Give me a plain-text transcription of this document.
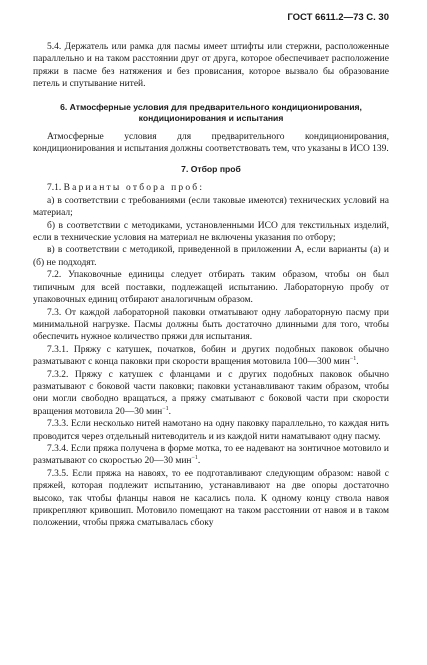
ГОСТ 6611.2—73 С. 30

5.4. Держатель или рамка для пасмы имеет штифты или стержни, расположенные параллельно и на таком расстоянии друг от друга, которое обеспечивает расположение пряжи в пасме без натяжения и без провисания, которое вызвало бы образование петель и спутывание нитей.

6. Атмосферные условия для предварительного кондиционирования, кондиционирования и испытания

Атмосферные условия для предварительного кондиционирования, кондиционирования и испытания должны соответствовать тем, что указаны в ИСО 139.

7. Отбор проб

7.1. Варианты отбора проб:

а) в соответствии с требованиями (если таковые имеются) технических условий на материал;

б) в соответствии с методиками, установленными ИСО для текстильных изделий, если в технические условия на материал не включены указания по отбору;

в) в соответствии с методикой, приведенной в приложении А, если варианты (а) и (б) не подходят.

7.2. Упаковочные единицы следует отбирать таким образом, чтобы он был типичным для всей поставки, подлежащей испытанию. Лабораторную пробу от упаковочных единиц отбирают аналогичным образом.

7.3. От каждой лабораторной паковки отматывают одну лабораторную пасму при минимальной нагрузке. Пасмы должны быть достаточно длинными для того, чтобы обеспечить нужное количество пряжи для испытания.

7.3.1. Пряжу с катушек, початков, бобин и других подобных паковок обычно разматывают с конца паковки при скорости вращения мотовила 100—300 мин$^{-1}$.

7.3.2. Пряжу с катушек с фланцами и с других подобных паковок обычно разматывают с боковой части паковки; паковки устанавливают таким образом, чтобы они могли свободно вращаться, а пряжу сматывают с боковой части при скорости вращения мотовила 20—30 мин$^{-1}$.

7.3.3. Если несколько нитей намотано на одну паковку параллельно, то каждая нить проводится через отдельный нитеводитель и из каждой нити наматывают одну пасму.

7.3.4. Если пряжа получена в форме мотка, то ее надевают на зонтичное мотовило и разматывают со скоростью 20—30 мин$^{-1}$.

7.3.5. Если пряжа на навоях, то ее подготавливают следующим образом: навой с пряжей, которая подлежит испытанию, устанавливают на две опоры достаточно высоко, так чтобы фланцы навоя не касались пола. К одному концу ствола навоя прикрепляют кривошип. Мотовило помещают на таком расстоянии от навоя и в таком положении, чтобы пряжа сматывалась сбоку
